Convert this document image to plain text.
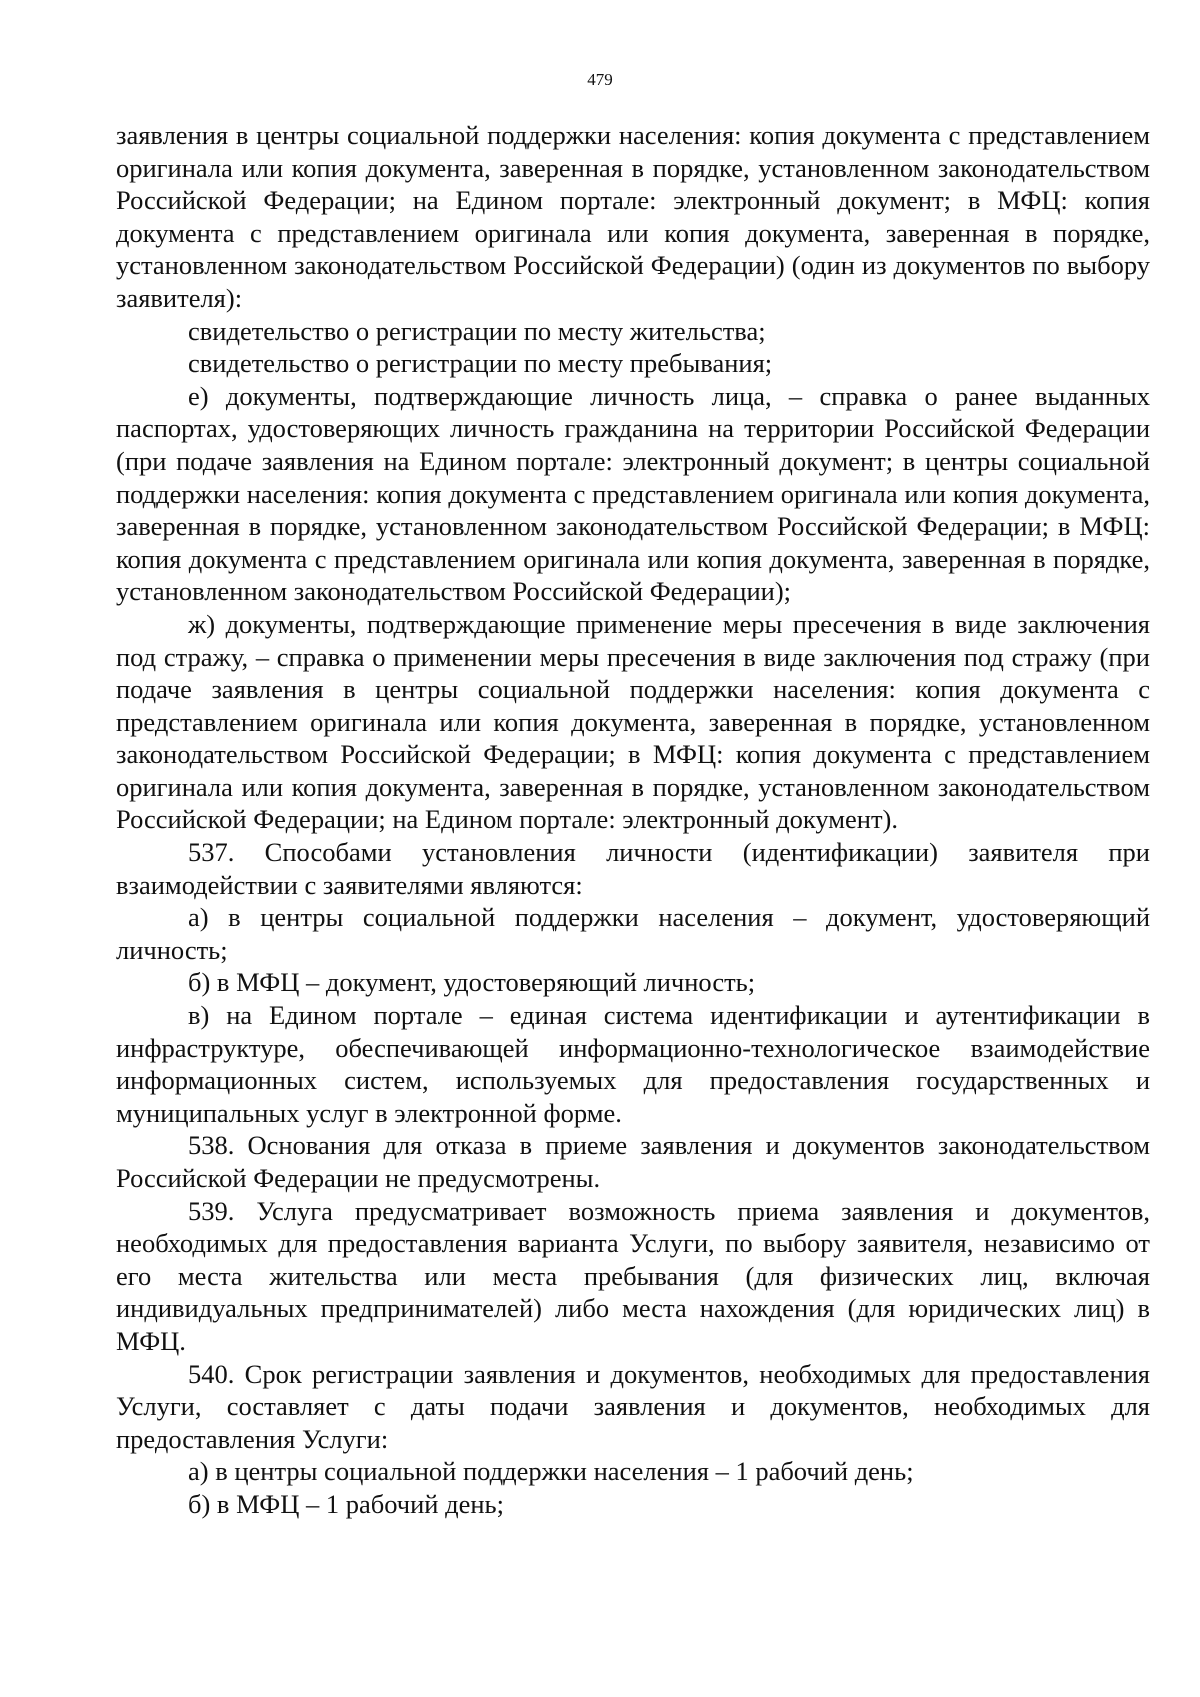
479

заявления в центры социальной поддержки населения: копия документа с представлением оригинала или копия документа, заверенная в порядке, установленном законодательством Российской Федерации; на Едином портале: электронный документ; в МФЦ: копия документа с представлением оригинала или копия документа, заверенная в порядке, установленном законодательством Российской Федерации) (один из документов по выбору заявителя):

свидетельство о регистрации по месту жительства;

свидетельство о регистрации по месту пребывания;

е) документы, подтверждающие личность лица, – справка о ранее выданных паспортах, удостоверяющих личность гражданина на территории Российской Федерации (при подаче заявления на Едином портале: электронный документ; в центры социальной поддержки населения: копия документа с представлением оригинала или копия документа, заверенная в порядке, установленном законодательством Российской Федерации; в МФЦ: копия документа с представлением оригинала или копия документа, заверенная в порядке, установленном законодательством Российской Федерации);

ж) документы, подтверждающие применение меры пресечения в виде заключения под стражу, – справка о применении меры пресечения в виде заключения под стражу (при подаче заявления в центры социальной поддержки населения: копия документа с представлением оригинала или копия документа, заверенная в порядке, установленном законодательством Российской Федерации; в МФЦ: копия документа с представлением оригинала или копия документа, заверенная в порядке, установленном законодательством Российской Федерации; на Едином портале: электронный документ).

537. Способами установления личности (идентификации) заявителя при взаимодействии с заявителями являются:

а) в центры социальной поддержки населения – документ, удостоверяющий личность;

б) в МФЦ – документ, удостоверяющий личность;

в) на Едином портале – единая система идентификации и аутентификации в инфраструктуре, обеспечивающей информационно-технологическое взаимодействие информационных систем, используемых для предоставления государственных и муниципальных услуг в электронной форме.

538. Основания для отказа в приеме заявления и документов законодательством Российской Федерации не предусмотрены.

539. Услуга предусматривает возможность приема заявления и документов, необходимых для предоставления варианта Услуги, по выбору заявителя, независимо от его места жительства или места пребывания (для физических лиц, включая индивидуальных предпринимателей) либо места нахождения (для юридических лиц) в МФЦ.

540. Срок регистрации заявления и документов, необходимых для предоставления Услуги, составляет с даты подачи заявления и документов, необходимых для предоставления Услуги:

а) в центры социальной поддержки населения – 1 рабочий день;

б) в МФЦ – 1 рабочий день;
